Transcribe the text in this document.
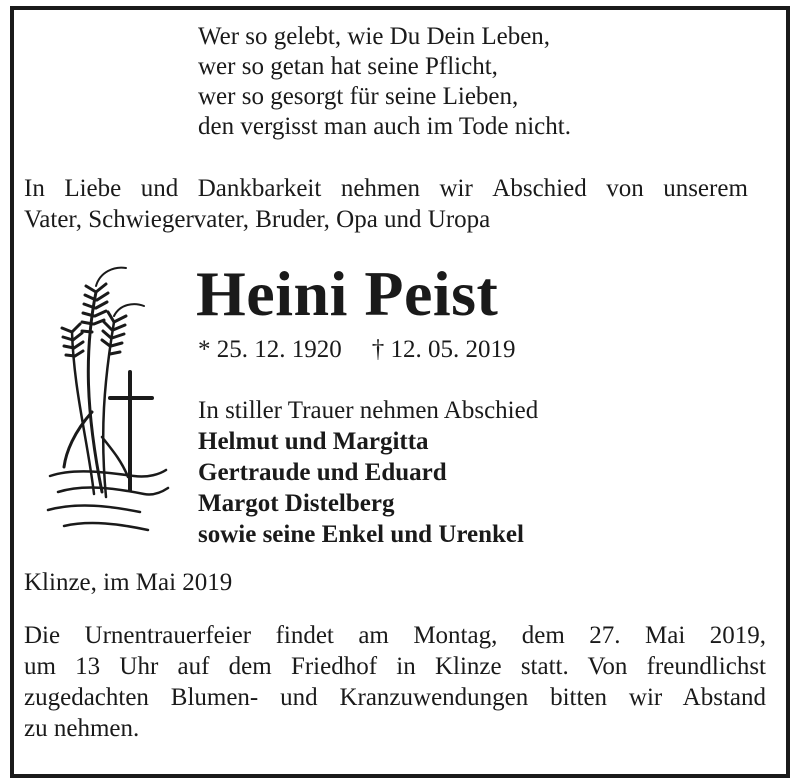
Wer so gelebt, wie Du Dein Leben,
wer so getan hat seine Pflicht,
wer so gesorgt für seine Lieben,
den vergisst man auch im Tode nicht.
In Liebe und Dankbarkeit nehmen wir Abschied von unserem
Vater, Schwiegervater, Bruder, Opa und Uropa
Heini Peist
* 25. 12. 1920 † 12. 05. 2019
In stiller Trauer nehmen Abschied
Helmut und Margitta
Gertraude und Eduard
Margot Distelberg
sowie seine Enkel und Urenkel
Klinze, im Mai 2019
Die Urnentrauerfeier findet am Montag, dem 27. Mai 2019,
um 13 Uhr auf dem Friedhof in Klinze statt. Von freundlichst
zugedachten Blumen- und Kranzuwendungen bitten wir Abstand
zu nehmen.
